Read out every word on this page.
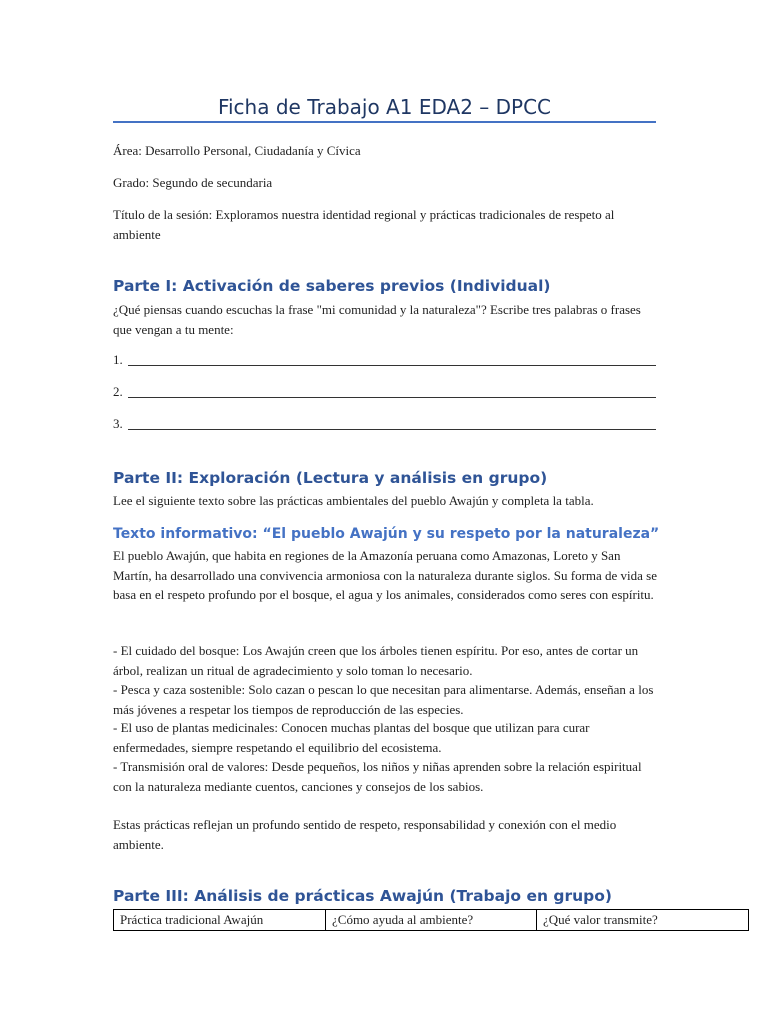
Ficha de Trabajo A1 EDA2 – DPCC

Área: Desarrollo Personal, Ciudadanía y Cívica

Grado: Segundo de secundaria

Título de la sesión: Exploramos nuestra identidad regional y prácticas tradicionales de respeto al ambiente

Parte I: Activación de saberes previos (Individual)

¿Qué piensas cuando escuchas la frase "mi comunidad y la naturaleza"? Escribe tres palabras o frases que vengan a tu mente:

1.
2.
3.
Parte II: Exploración (Lectura y análisis en grupo)

Lee el siguiente texto sobre las prácticas ambientales del pueblo Awajún y completa la tabla.

Texto informativo: “El pueblo Awajún y su respeto por la naturaleza”

El pueblo Awajún, que habita en regiones de la Amazonía peruana como Amazonas, Loreto y San Martín, ha desarrollado una convivencia armoniosa con la naturaleza durante siglos. Su forma de vida se basa en el respeto profundo por el bosque, el agua y los animales, considerados como seres con espíritu.

- El cuidado del bosque: Los Awajún creen que los árboles tienen espíritu. Por eso, antes de cortar un árbol, realizan un ritual de agradecimiento y solo toman lo necesario.

- Pesca y caza sostenible: Solo cazan o pescan lo que necesitan para alimentarse. Además, enseñan a los más jóvenes a respetar los tiempos de reproducción de las especies.

- El uso de plantas medicinales: Conocen muchas plantas del bosque que utilizan para curar enfermedades, siempre respetando el equilibrio del ecosistema.

- Transmisión oral de valores: Desde pequeños, los niños y niñas aprenden sobre la relación espiritual con la naturaleza mediante cuentos, canciones y consejos de los sabios.

Estas prácticas reflejan un profundo sentido de respeto, responsabilidad y conexión con el medio ambiente.

Parte III: Análisis de prácticas Awajún (Trabajo en grupo)
Práctica tradicional Awajún	¿Cómo ayuda al ambiente?	¿Qué valor transmite?
